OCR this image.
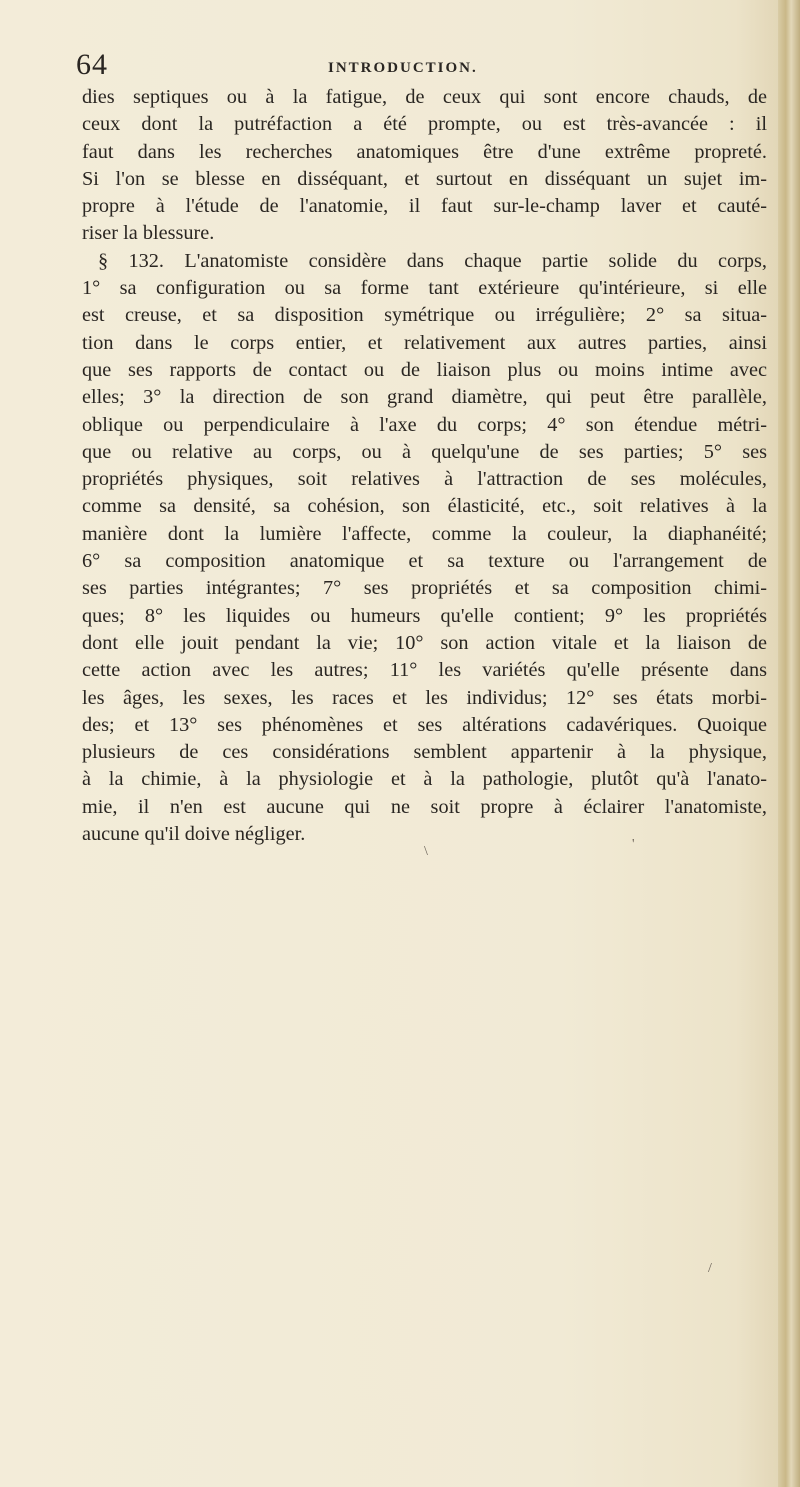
64	INTRODUCTION.
dies septiques ou à la fatigue, de ceux qui sont encore chauds, de
ceux dont la putréfaction a été prompte, ou est très-avancée : il
faut dans les recherches anatomiques être d'une extrême propreté.
Si l'on se blesse en disséquant, et surtout en disséquant un sujet im-
propre à l'étude de l'anatomie, il faut sur-le-champ laver et cauté-
riser la blessure.
§ 132. L'anatomiste considère dans chaque partie solide du corps,
1° sa configuration ou sa forme tant extérieure qu'intérieure, si elle
est creuse, et sa disposition symétrique ou irrégulière; 2° sa situa-
tion dans le corps entier, et relativement aux autres parties, ainsi
que ses rapports de contact ou de liaison plus ou moins intime avec
elles; 3° la direction de son grand diamètre, qui peut être parallèle,
oblique ou perpendiculaire à l'axe du corps; 4° son étendue métri-
que ou relative au corps, ou à quelqu'une de ses parties; 5° ses
propriétés physiques, soit relatives à l'attraction de ses molécules,
comme sa densité, sa cohésion, son élasticité, etc., soit relatives à la
manière dont la lumière l'affecte, comme la couleur, la diaphanéité;
6° sa composition anatomique et sa texture ou l'arrangement de
ses parties intégrantes; 7° ses propriétés et sa composition chimi-
ques; 8° les liquides ou humeurs qu'elle contient; 9° les propriétés
dont elle jouit pendant la vie; 10° son action vitale et la liaison de
cette action avec les autres; 11° les variétés qu'elle présente dans
les âges, les sexes, les races et les individus; 12° ses états morbi-
des; et 13° ses phénomènes et ses altérations cadavériques. Quoique
plusieurs de ces considérations semblent appartenir à la physique,
à la chimie, à la physiologie et à la pathologie, plutôt qu'à l'anato-
mie, il n'en est aucune qui ne soit propre à éclairer l'anatomiste,
aucune qu'il doive négliger.
\	'
/
